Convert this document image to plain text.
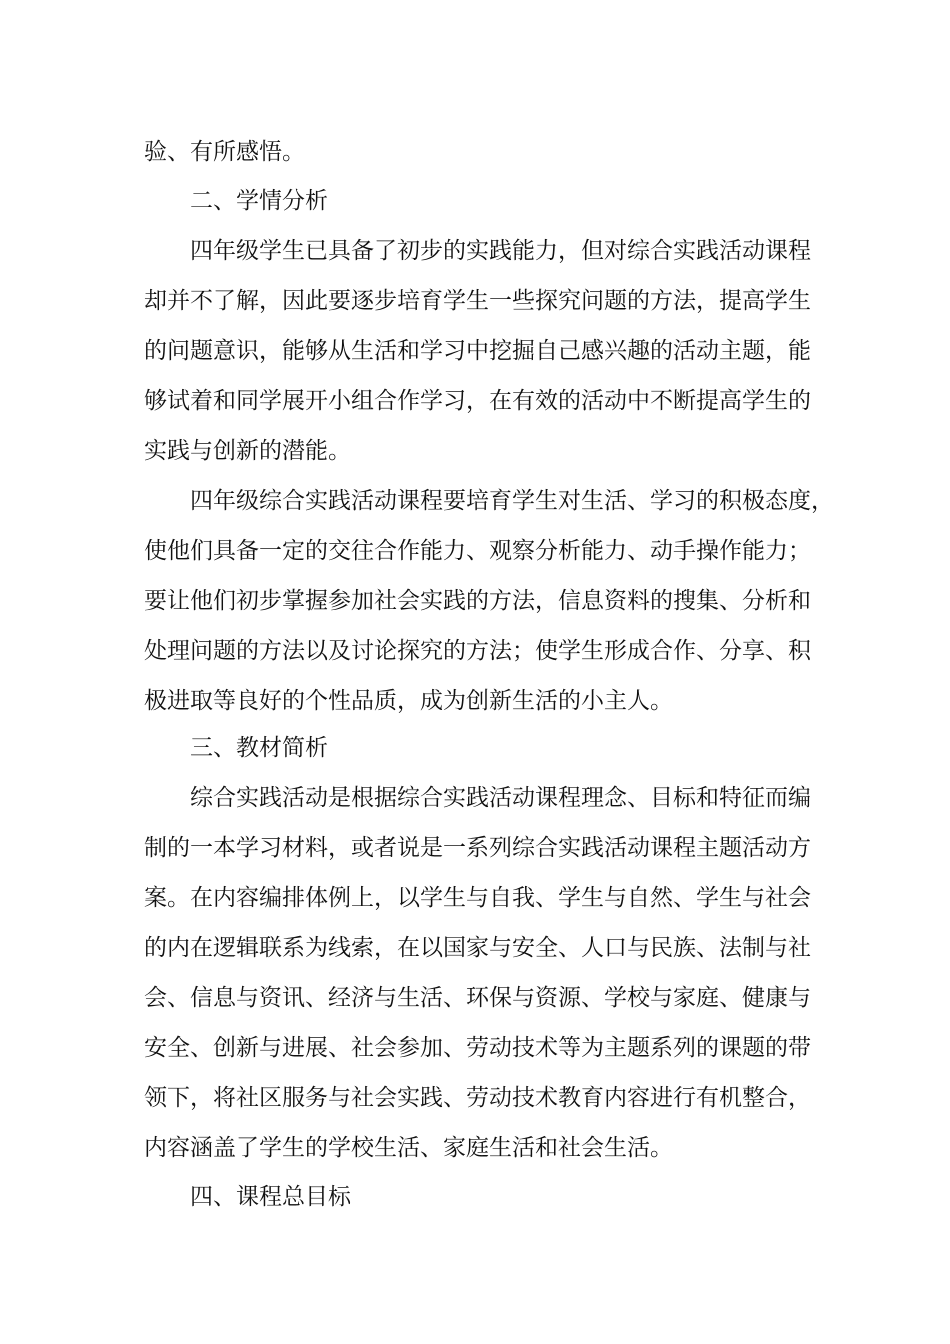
验、有所感悟。
二、学情分析
四年级学生已具备了初步的实践能力，但对综合实践活动课程
却并不了解，因此要逐步培育学生一些探究问题的方法，提高学生
的问题意识，能够从生活和学习中挖掘自己感兴趣的活动主题，能
够试着和同学展开小组合作学习，在有效的活动中不断提高学生的
实践与创新的潜能。
四年级综合实践活动课程要培育学生对生活、学习的积极态度，
使他们具备一定的交往合作能力、观察分析能力、动手操作能力；
要让他们初步掌握参加社会实践的方法，信息资料的搜集、分析和
处理问题的方法以及讨论探究的方法；使学生形成合作、分享、积
极进取等良好的个性品质，成为创新生活的小主人。
三、教材简析
综合实践活动是根据综合实践活动课程理念、目标和特征而编
制的一本学习材料，或者说是一系列综合实践活动课程主题活动方
案。在内容编排体例上，以学生与自我、学生与自然、学生与社会
的内在逻辑联系为线索，在以国家与安全、人口与民族、法制与社
会、信息与资讯、经济与生活、环保与资源、学校与家庭、健康与
安全、创新与进展、社会参加、劳动技术等为主题系列的课题的带
领下，将社区服务与社会实践、劳动技术教育内容进行有机整合，
内容涵盖了学生的学校生活、家庭生活和社会生活。
四、课程总目标
